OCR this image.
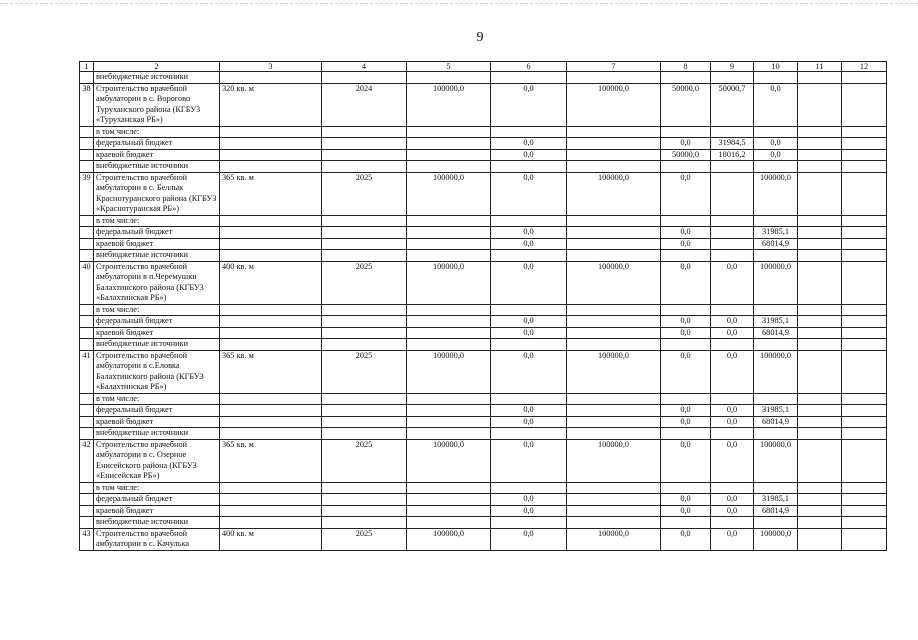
9
1	2	3	4	5	6	7	8	9	10	11	12
	внебюджетные источники										
38	Строительство врачебной амбулатории в с. Ворогово Туруханского района (КГБУЗ «Туруханская РБ»)	320 кв. м	2024	100000,0	0,0	100000,0	50000,0	50000,7	0,0		
	в том числе:										
	федеральный бюджет				0,0		0,0	31984,5	0,0		
	краевой бюджет				0,0		50000,0	18016,2	0,0		
	внебюджетные источники										
39	Строительство врачебной амбулатории в с. Беллык Краснотуранского района (КГБУЗ «Краснотуранская РБ»)	365 кв. м	2025	100000,0	0,0	100000,0	0,0		100000,0		
	в том числе:										
	федеральный бюджет				0,0		0,0		31985,1		
	краевой бюджет				0,0		0,0		68014,9		
	внебюджетные источники										
40	Строительство врачебной амбулатории в п.Черемушки Балахтинского района (КГБУЗ «Балахтинская РБ»)	400 кв. м	2025	100000,0	0,0	100000,0	0,0	0,0	100000,0		
	в том числе:										
	федеральный бюджет				0,0		0,0	0,0	31985,1		
	краевой бюджет				0,0		0,0	0,0	68014,9		
	внебюджетные источники										
41	Строительство врачебной амбулатории в с.Еловка Балахтинского района (КГБУЗ «Балахтинская РБ»)	365 кв. м	2025	100000,0	0,0	100000,0	0,0	0,0	100000,0		
	в том числе:										
	федеральный бюджет				0,0		0,0	0,0	31985,1		
	краевой бюджет				0,0		0,0	0,0	68014,9		
	внебюджетные источники										
42	Строительство врачебной амбулатории в с. Озерное Енисейского района (КГБУЗ «Енисейская РБ»)	365 кв. м	2025	100000,0	0,0	100000,0	0,0	0,0	100000,0		
	в том числе:										
	федеральный бюджет				0,0		0,0	0,0	31985,1		
	краевой бюджет				0,0		0,0	0,0	68014,9		
	внебюджетные источники										
43	Строительство врачебной амбулатории в с. Качулька	400 кв. м	2025	100000,0	0,0	100000,0	0,0	0,0	100000,0		
